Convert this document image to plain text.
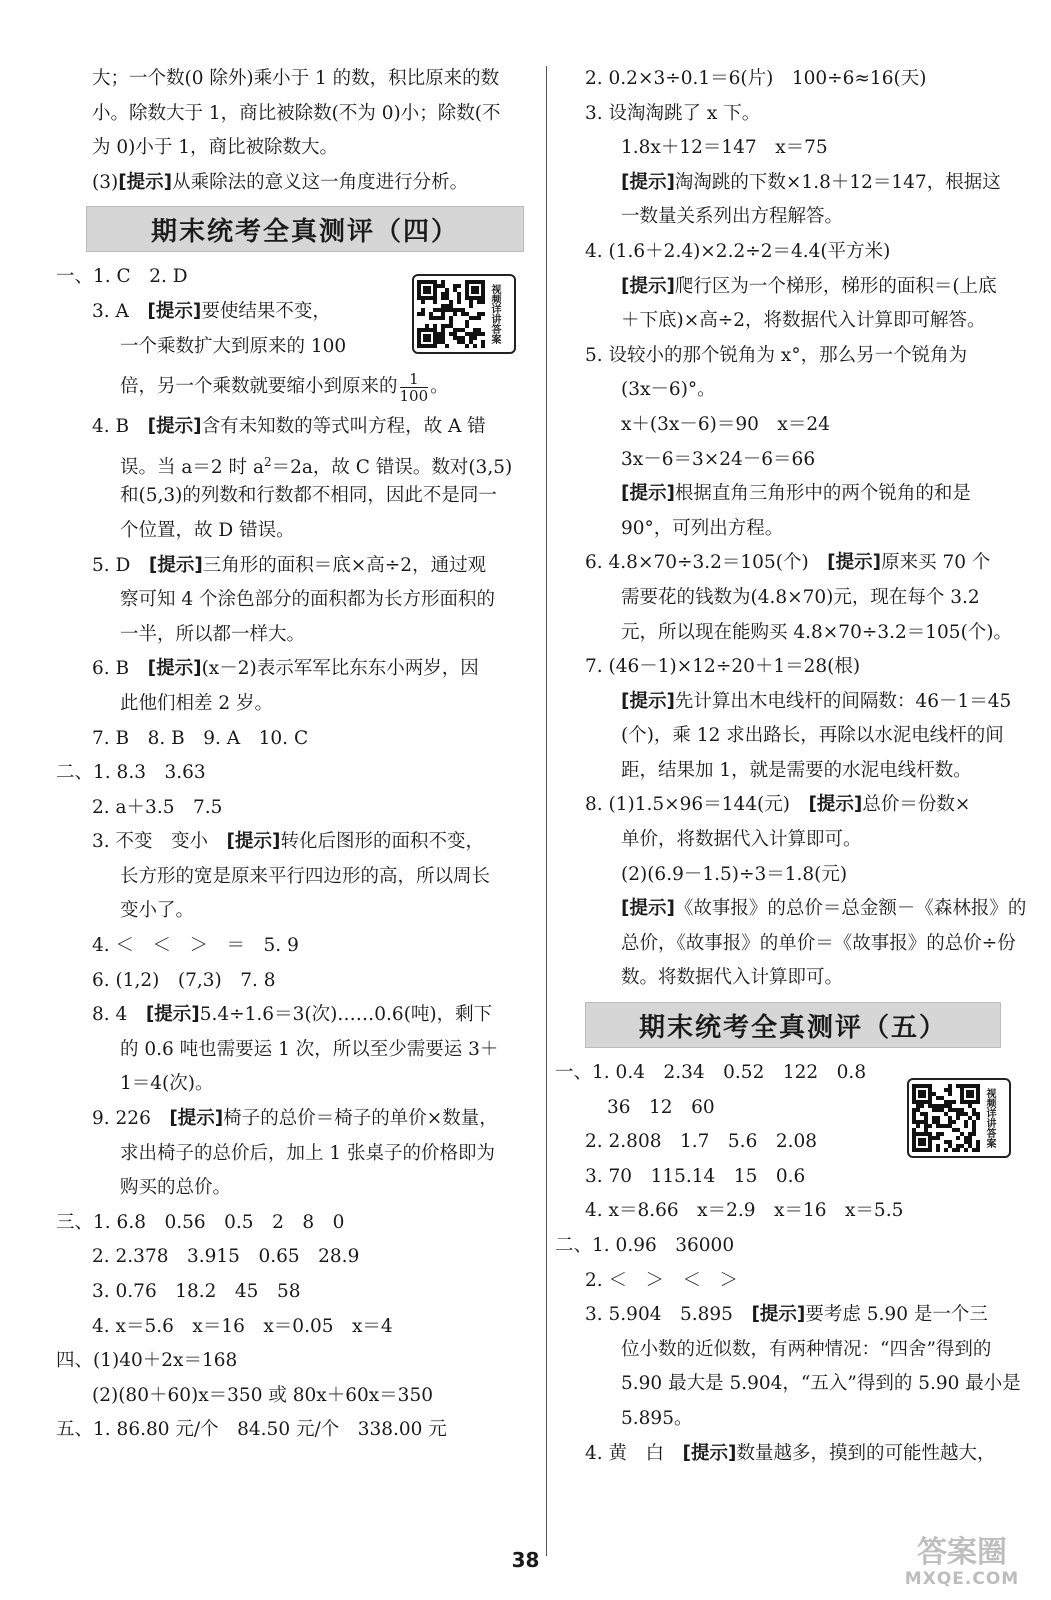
大；一个数(0 除外)乘小于 1 的数，积比原来的数
小。除数大于 1，商比被除数(不为 0)小；除数(不
为 0)小于 1，商比被除数大。
(3)[提示]从乘除法的意义这一角度进行分析。
期末统考全真测评（四）
一、1. C　2. D
3. A　[提示]要使结果不变，
一个乘数扩大到原来的 100
倍，另一个乘数就要缩小到原来的 $\frac{1}{100}$ 。
4. B　[提示]含有未知数的等式叫方程，故 A 错
误。当 a＝2 时 $a^2=2a$，故 C 错误。数对(3,5)
和(5,3)的列数和行数都不相同，因此不是同一
个位置，故 D 错误。
5. D　[提示]三角形的面积＝底×高÷2，通过观
察可知 4 个涂色部分的面积都为长方形面积的
一半，所以都一样大。
6. B　[提示](x－2)表示军军比东东小两岁，因
此他们相差 2 岁。
7. B　8. B　9. A　10. C
二、1. 8.3　3.63
2. a＋3.5　7.5
3. 不变　变小　[提示]转化后图形的面积不变，
长方形的宽是原来平行四边形的高，所以周长
变小了。
4. ＜　＜　＞　＝　5. 9
6. (1,2)　(7,3)　7. 8
8. 4　[提示]5.4÷1.6＝3(次)……0.6(吨)，剩下
的 0.6 吨也需要运 1 次，所以至少需要运 3＋
1＝4(次)。
9. 226　[提示]椅子的总价＝椅子的单价×数量，
求出椅子的总价后，加上 1 张桌子的价格即为
购买的总价。
三、1. 6.8　0.56　0.5　2　8　0
2. 2.378　3.915　0.65　28.9
3. 0.76　18.2　45　58
4. x＝5.6　x＝16　x＝0.05　x＝4
四、(1)40＋2x＝168
(2)(80＋60)x＝350 或 80x＋60x＝350
五、1. 86.80 元/个　84.50 元/个　338.00 元
视频详讲答案
2. 0.2×3÷0.1＝6(片)　100÷6≈16(天)
3. 设淘淘跳了 x 下。
1.8x＋12＝147　x＝75
[提示]淘淘跳的下数×1.8＋12＝147，根据这
一数量关系列出方程解答。
4. (1.6＋2.4)×2.2÷2＝4.4(平方米)
[提示]爬行区为一个梯形，梯形的面积＝(上底
＋下底)×高÷2，将数据代入计算即可解答。
5. 设较小的那个锐角为 x°，那么另一个锐角为
(3x－6)°。
x＋(3x－6)＝90　x＝24
3x－6＝3×24－6＝66
[提示]根据直角三角形中的两个锐角的和是
90°，可列出方程。
6. 4.8×70÷3.2＝105(个)　[提示]原来买 70 个
需要花的钱数为(4.8×70)元，现在每个 3.2
元，所以现在能购买 4.8×70÷3.2＝105(个)。
7. (46－1)×12÷20＋1＝28(根)
[提示]先计算出木电线杆的间隔数：46－1＝45
(个)，乘 12 求出路长，再除以水泥电线杆的间
距，结果加 1，就是需要的水泥电线杆数。
8. (1)1.5×96＝144(元)　[提示]总价＝份数×
单价，将数据代入计算即可。
(2)(6.9－1.5)÷3＝1.8(元)
[提示]《故事报》的总价＝总金额－《森林报》的
总价，《故事报》的单价＝《故事报》的总价÷份
数。将数据代入计算即可。
期末统考全真测评（五）
一、1. 0.4　2.34　0.52　122　0.8
36　12　60
2. 2.808　1.7　5.6　2.08
3. 70　115.14　15　0.6
4. x＝8.66　x＝2.9　x＝16　x＝5.5
二、1. 0.96　36000
2. ＜　＞　＜　＞
3. 5.904　5.895　[提示]要考虑 5.90 是一个三
位小数的近似数，有两种情况：“四舍”得到的
5.90 最大是 5.904，“五入”得到的 5.90 最小是
5.895。
4. 黄　白　[提示]数量越多，摸到的可能性越大，
视频详讲答案
38	答案圈
MXQE.COM
